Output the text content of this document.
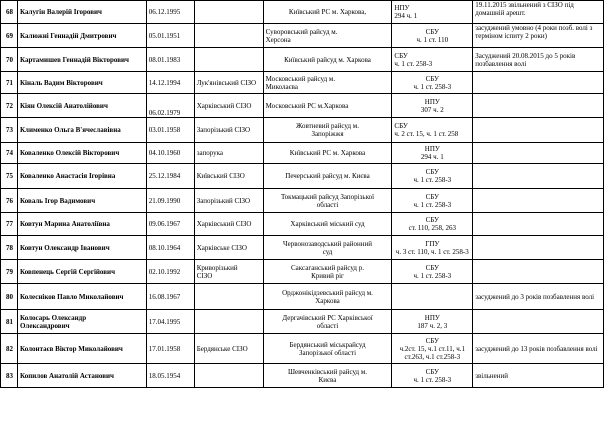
68	Калугін Валерій Ігорович	06.12.1995		Київський РС м. Харкова,	НПУ
294 ч. 1	19.11.2015 звільнений з СІЗО під домашній арешт.
69	Калюжні Геннадій Дмитрович	05.01.1951		Суворовський райсуд м.
Херсона	СБУ
ч. 1 ст. 110	засуджений умовно (4 роки позб. волі з терміном іспиту 2 роки)
70	Картамишев Геннадій Вікторович	08.01.1983		Київський райсуд м. Харкова	СБУ
ч. 1 ст. 258-3	Засуджений 20.08.2015 до 5 років позбавлення волі
71	Кіналь Вадим Вікторович	14.12.1994	Лук'янівський СІЗО	Московський райсуд м.
Миколаєва	СБУ
ч. 1 ст. 258-3	
72	Кіян Олексій Анатолійович	06.02.1979	Харківський СІЗО	Московський РС м.Харкова	НПУ
307 ч. 2	
73	Клименко Ольга В'ячеславівна	03.01.1958	Запорізький СІЗО	Жовтневий райсуд м.
Запоріжжя	СБУ
ч. 2 ст. 15, ч. 1 ст. 258	
74	Коваленко Олексій Вікторович	04.10.1960	запорука	Київський РС м. Харкова	НПУ
294 ч. 1	
75	Коваленко Анастасія Ігорівна	25.12.1984	Київський СІЗО	Печерський райсуд м. Києва	СБУ
ч. 1 ст. 258-3	
76	Коваль Ігор Вадимович	21.09.1990	Запорізький СІЗО	Токмацький райсуд Запорізької
області	СБУ
ч. 1 ст. 258-3	
77	Ковтун Марина Анатоліївна	09.06.1967	Харківський СІЗО	Харківський міський суд	СБУ
ст. 110, 258, 263	
78	Ковтун Олександр Іванович	08.10.1964	Харківське СІЗО	Червонозаводський районний
суд	ГПУ
ч. 3 ст. 110, ч. 1 ст. 258-3	
79	Ковпенець Сергій Сергійович	02.10.1992	Криворізький
СІЗО	Саксаганський райсуд р.
Кривий ріг	СБУ
ч. 1 ст. 258-3	
80	Колесніков Павло Миколайович	16.08.1967		Орджонікідзевський райсуд м.
Харкова		засуджений до 3 років позбавлення волі
81	Колосарь Олександр
Олександрович	17.04.1995		Дергачівський РС Харківської
області	НПУ
187 ч. 2, 3	
82	Колонтаєв Віктор Миколайович	17.01.1958	Бердянське СІЗО	Бердянський міськрайсуд
Запорізької області	СБУ
ч.2ст. 15, ч.1 ст.11, ч.1
ст.263, ч.1 ст.258-3	засуджений до 13 років позбавлення волі
83	Копилов Анатолій Астанович	18.05.1954		Шевченківський райсуд м.
Києва	СБУ
ч. 1 ст. 258-3	звільнений
